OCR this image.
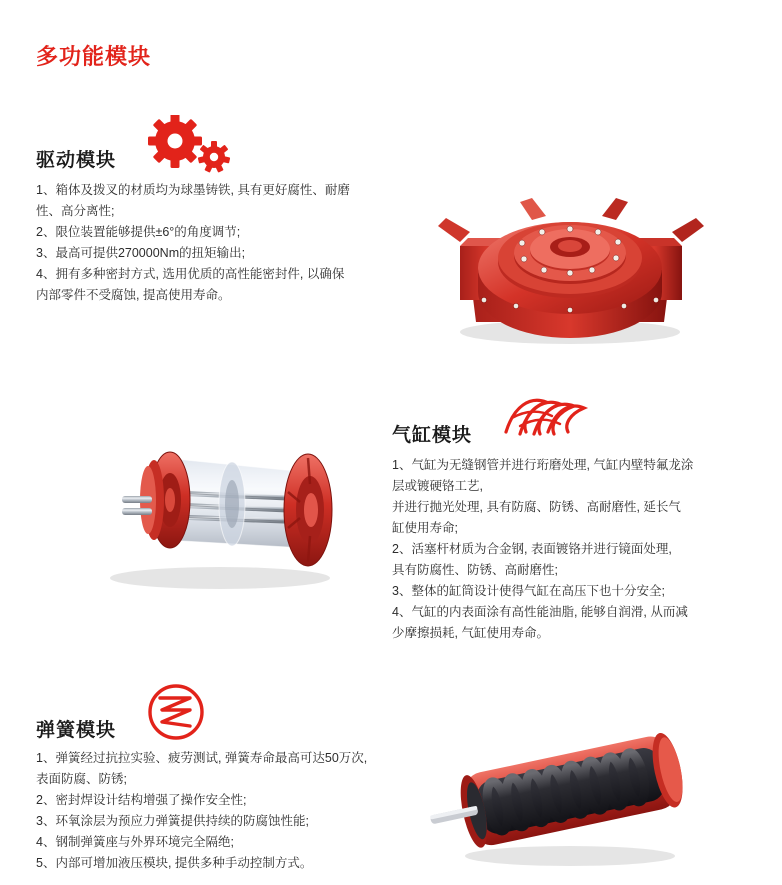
多功能模块
驱动模块

1、箱体及拨叉的材质均为球墨铸铁, 具有更好腐性、耐磨

性、高分离性;

2、限位装置能够提供±6°的角度调节;

3、最高可提供270000Nm的扭矩输出;

4、拥有多种密封方式, 选用优质的高性能密封件, 以确保

内部零件不受腐蚀, 提高使用寿命。

气缸模块

1、气缸为无缝钢管并进行珩磨处理, 气缸内壁特氟龙涂

层或镀硬铬工艺,

并进行抛光处理, 具有防腐、防锈、高耐磨性, 延长气

缸使用寿命;

2、活塞杆材质为合金钢, 表面镀铬并进行镜面处理,

具有防腐性、防锈、高耐磨性;

3、整体的缸筒设计使得气缸在高压下也十分安全;

4、气缸的内表面涂有高性能油脂, 能够自润滑, 从而减

少摩擦损耗, 气缸使用寿命。

弹簧模块

1、弹簧经过抗拉实验、疲劳测试, 弹簧寿命最高可达50万次,

表面防腐、防锈;

2、密封焊设计结构增强了操作安全性;

3、环氧涂层为预应力弹簧提供持续的防腐蚀性能;

4、钢制弹簧座与外界环境完全隔绝;

5、内部可增加液压模块, 提供多种手动控制方式。
